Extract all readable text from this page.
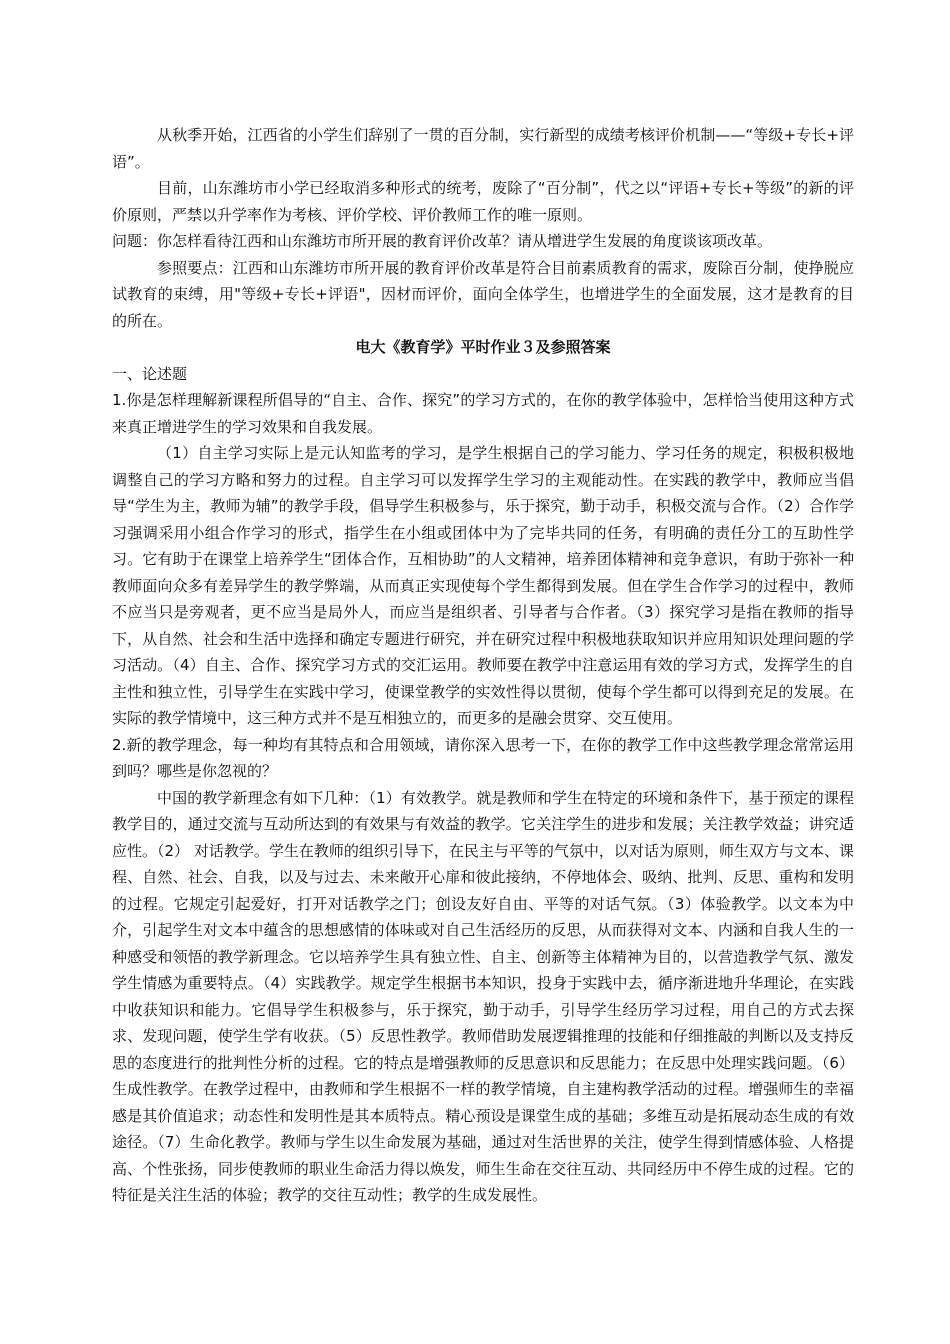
从秋季开始，江西省的小学生们辞别了一贯的百分制，实行新型的成绩考核评价机制——“等级+专长+评语”。

目前，山东潍坊市小学已经取消多种形式的统考，废除了“百分制”，代之以“评语+专长+等级”的新的评价原则，严禁以升学率作为考核、评价学校、评价教师工作的唯一原则。

问题：你怎样看待江西和山东潍坊市所开展的教育评价改革？请从增进学生发展的角度谈该项改革。

参照要点：江西和山东潍坊市所开展的教育评价改革是符合目前素质教育的需求，废除百分制，使挣脱应试教育的束缚，用"等级+专长+评语"，因材而评价，面向全体学生，也增进学生的全面发展，这才是教育的目的所在。

电大《教育学》平时作业３及参照答案

一、论述题

1.你是怎样理解新课程所倡导的“自主、合作、探究”的学习方式的，在你的教学体验中，怎样恰当使用这种方式来真正增进学生的学习效果和自我发展。

（1）自主学习实际上是元认知监考的学习，是学生根据自己的学习能力、学习任务的规定，积极积极地调整自己的学习方略和努力的过程。自主学习可以发挥学生学习的主观能动性。在实践的教学中，教师应当倡导“学生为主，教师为辅”的教学手段，倡导学生积极参与，乐于探究，勤于动手，积极交流与合作。（2）合作学习强调采用小组合作学习的形式，指学生在小组或团体中为了完毕共同的任务，有明确的责任分工的互助性学习。它有助于在课堂上培养学生“团体合作，互相协助”的人文精神，培养团体精神和竞争意识，有助于弥补一种教师面向众多有差异学生的教学弊端，从而真正实现使每个学生都得到发展。但在学生合作学习的过程中，教师不应当只是旁观者，更不应当是局外人，而应当是组织者、引导者与合作者。（3）探究学习是指在教师的指导下，从自然、社会和生活中选择和确定专题进行研究，并在研究过程中积极地获取知识并应用知识处理问题的学习活动。（4）自主、合作、探究学习方式的交汇运用。教师要在教学中注意运用有效的学习方式，发挥学生的自主性和独立性，引导学生在实践中学习，使课堂教学的实效性得以贯彻，使每个学生都可以得到充足的发展。在实际的教学情境中，这三种方式并不是互相独立的，而更多的是融会贯穿、交互使用。

2.新的教学理念，每一种均有其特点和合用领域，请你深入思考一下，在你的教学工作中这些教学理念常常运用到吗？哪些是你忽视的？

中国的教学新理念有如下几种：（1）有效教学。就是教师和学生在特定的环境和条件下，基于预定的课程教学目的，通过交流与互动所达到的有效果与有效益的教学。它关注学生的进步和发展；关注教学效益；讲究适应性。（2） 对话教学。学生在教师的组织引导下，在民主与平等的气氛中，以对话为原则，师生双方与文本、课程、自然、社会、自我，以及与过去、未来敞开心扉和彼此接纳，不停地体会、吸纳、批判、反思、重构和发明的过程。它规定引起爱好，打开对话教学之门；创设友好自由、平等的对话气氛。（3）体验教学。以文本为中介，引起学生对文本中蕴含的思想感情的体味或对自己生活经历的反思，从而获得对文本、内涵和自我人生的一种感受和领悟的教学新理念。它以培养学生具有独立性、自主、创新等主体精神为目的，以营造教学气氛、激发学生情感为重要特点。（4）实践教学。规定学生根据书本知识，投身于实践中去，循序渐进地升华理论，在实践中收获知识和能力。它倡导学生积极参与，乐于探究，勤于动手，引导学生经历学习过程，用自己的方式去探求、发现问题，使学生学有收获。（5）反思性教学。教师借助发展逻辑推理的技能和仔细推敲的判断以及支持反思的态度进行的批判性分析的过程。它的特点是增强教师的反思意识和反思能力；在反思中处理实践问题。（6）生成性教学。在教学过程中，由教师和学生根据不一样的教学情境，自主建构教学活动的过程。增强师生的幸福感是其价值追求；动态性和发明性是其本质特点。精心预设是课堂生成的基础；多维互动是拓展动态生成的有效途径。（7）生命化教学。教师与学生以生命发展为基础，通过对生活世界的关注，使学生得到情感体验、人格提高、个性张扬，同步使教师的职业生命活力得以焕发，师生生命在交往互动、共同经历中不停生成的过程。它的特征是关注生活的体验；教学的交往互动性；教学的生成发展性。
